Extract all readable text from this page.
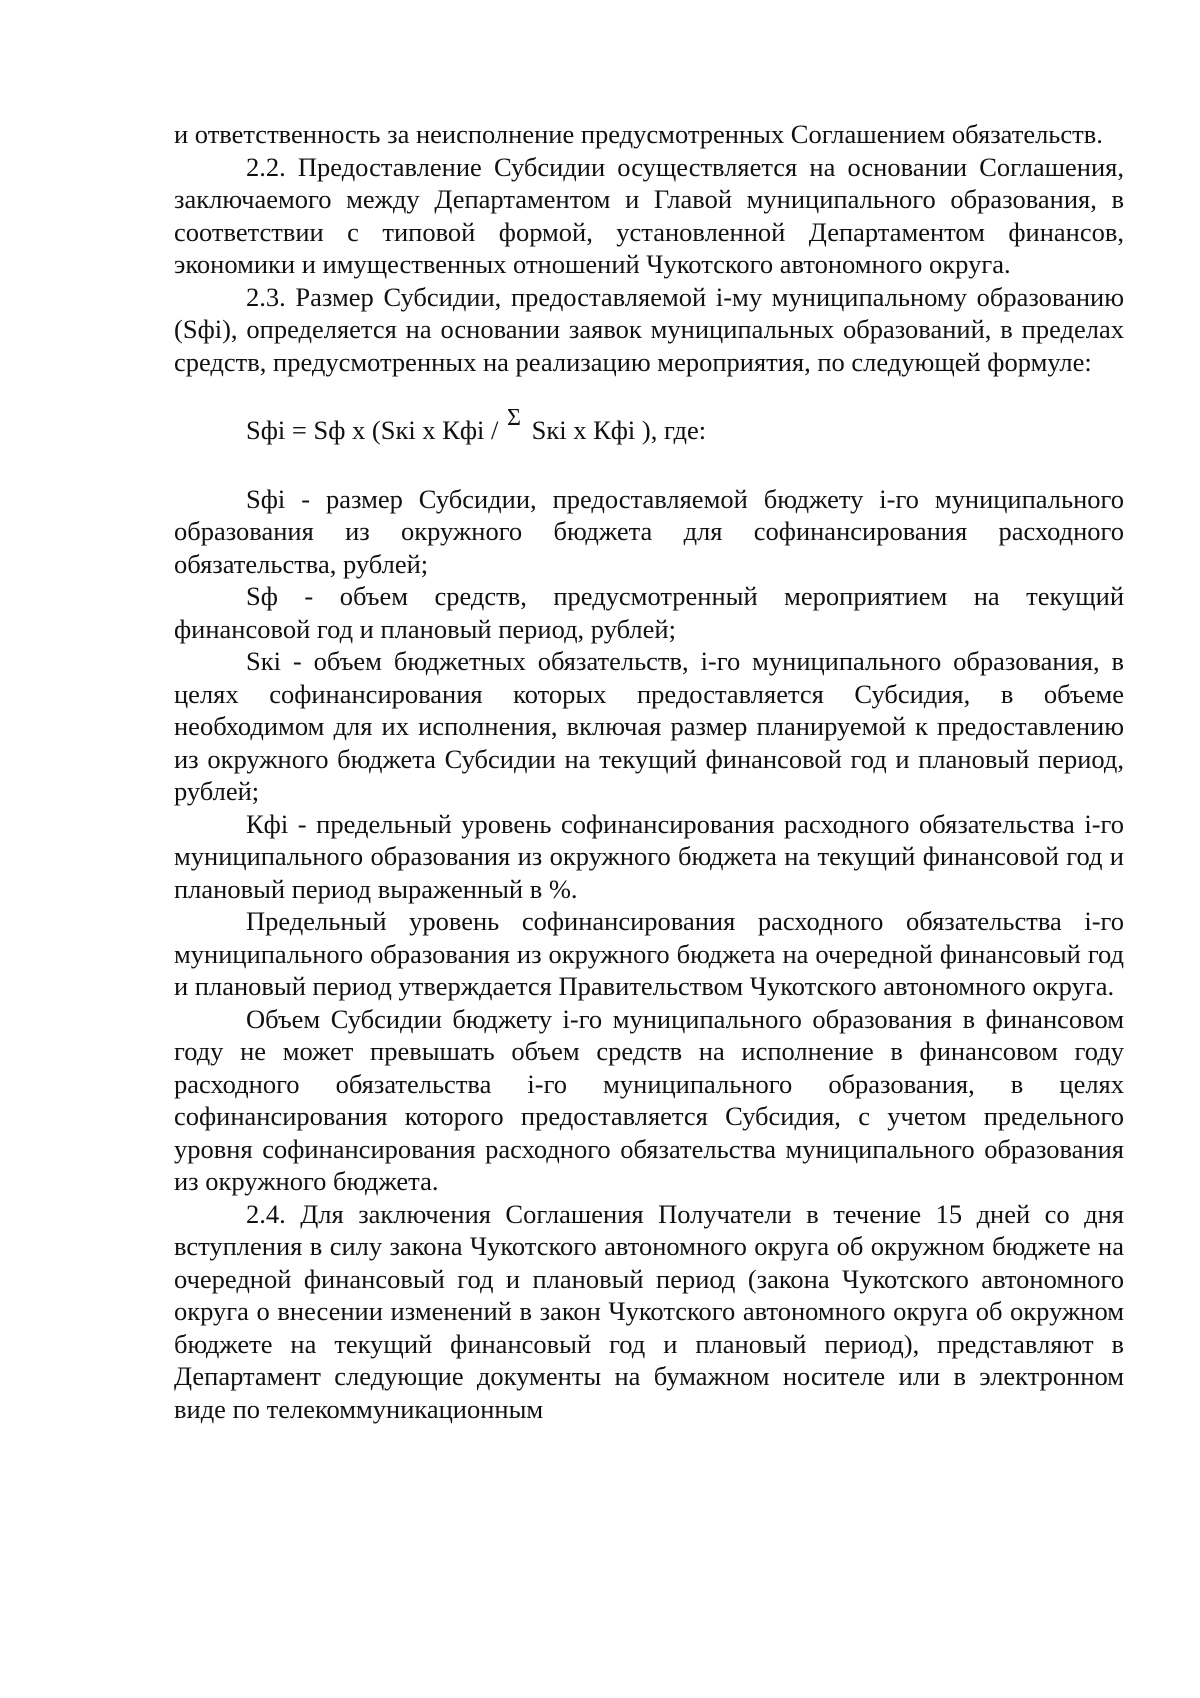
и ответственность за неисполнение предусмотренных Соглашением обязательств.

2.2. Предоставление Субсидии осуществляется на основании Соглашения, заключаемого между Департаментом и Главой муниципального образования, в соответствии с типовой формой, установленной Департаментом финансов, экономики и имущественных отношений Чукотского автономного округа.

2.3. Размер Субсидии, предоставляемой i-му муниципальному образованию (Sфi), определяется на основании заявок муниципальных образований, в пределах средств, предусмотренных на реализацию мероприятия, по следующей формуле:

Sфi = Sф x (Sкi x Кфi / Σ Sкi x Кфi ), где:

Sфi - размер Субсидии, предоставляемой бюджету i-го муниципального образования из окружного бюджета для софинансирования расходного обязательства, рублей;

Sф - объем средств, предусмотренный мероприятием на текущий финансовой год и плановый период, рублей;

Sкi - объем бюджетных обязательств, i-го муниципального образования, в целях софинансирования которых предоставляется Субсидия, в объеме необходимом для их исполнения, включая размер планируемой к предоставлению из окружного бюджета Субсидии на текущий финансовой год и плановый период, рублей;

Кфi - предельный уровень софинансирования расходного обязательства i-го муниципального образования из окружного бюджета на текущий финансовой год и плановый период выраженный в %.

Предельный уровень софинансирования расходного обязательства i-го муниципального образования из окружного бюджета на очередной финансовый год и плановый период утверждается Правительством Чукотского автономного округа.

Объем Субсидии бюджету i-го муниципального образования в финансовом году не может превышать объем средств на исполнение в финансовом году расходного обязательства i-го муниципального образования, в целях софинансирования которого предоставляется Субсидия, с учетом предельного уровня софинансирования расходного обязательства муниципального образования из окружного бюджета.

2.4. Для заключения Соглашения Получатели в течение 15 дней со дня вступления в силу закона Чукотского автономного округа об окружном бюджете на очередной финансовый год и плановый период (закона Чукотского автономного округа о внесении изменений в закон Чукотского автономного округа об окружном бюджете на текущий финансовый год и плановый период), представляют в Департамент следующие документы на бумажном носителе или в электронном виде по телекоммуникационным
